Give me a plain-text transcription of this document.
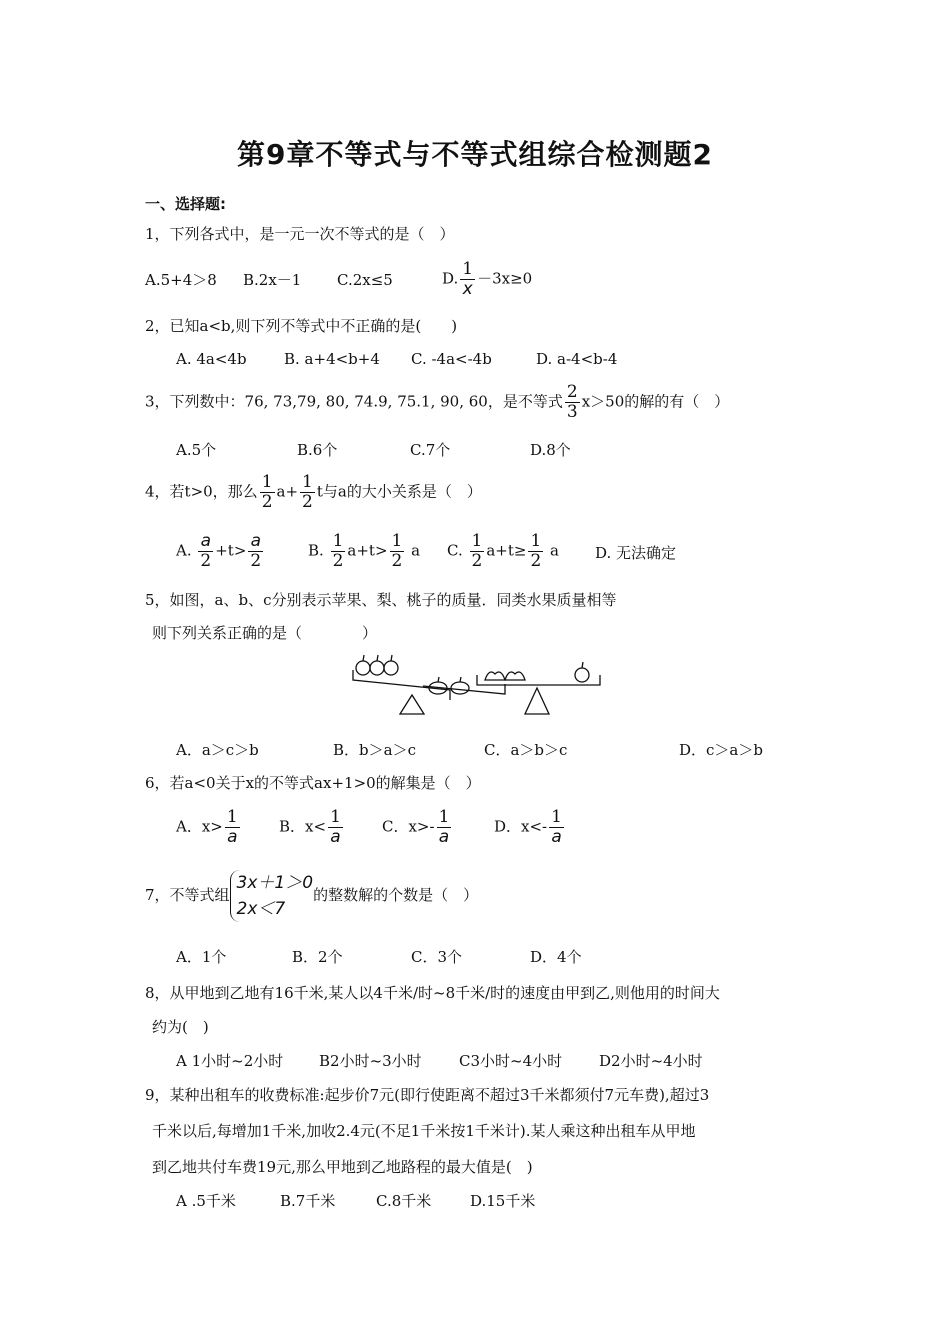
第9章不等式与不等式组综合检测题2
一、选择题:
1，下列各式中，是一元一次不等式的是（　）
A.5+4＞8 B.2x－1 C.2x≤5	D. $\frac{1}{x} -3x\ge 0$
2，已知a<b,则下列不等式中不正确的是(　　)
A. 4a<4b B. a+4<b+4 C. -4a<-4b	D. a-4<b-4
3，下列数中：76, 73,79, 80, 74.9, 75.1, 90, 60，是不等式 $\frac{2}{3} x>50$的解的有（　）
A.5个	B.6个	C.7个	D.8个
4，若t>0，那么 $\frac{1}{2} a+ \frac{1}{2}$ t与a的大小关系是（　）
A. $\frac{a}{2} +t> \frac{a}{2}$	B. $\frac{1}{2} a+t> \frac{1}{2}$ a C. $\frac{1}{2} a+t\ge \frac{1}{2}$ a D. 无法确定
5，如图，a、b、c分别表示苹果、梨、桃子的质量．同类水果质量相等
则下列关系正确的是（　　　　）
A．a＞c＞b	B．b＞a＞c	C．a＞b＞c	D．c＞a＞b
6，若a<0关于x的不等式ax+1>0的解集是（　）
A．$x> \frac{1}{a}$	B．$x< \frac{1}{a}$	C．$x>- \frac{1}{a}$	D．$x<- \frac{1}{a}$
7，不等式组
3x＋1＞0
2x＜7
的整数解的个数是（　）
A．1个	B．2个	C．3个	D．4个
8，从甲地到乙地有16千米,某人以4千米/时~8千米/时的速度由甲到乙,则他用的时间大
约为(　)
A 1小时~2小时 B2小时~3小时 C3小时~4小时 D2小时~4小时
9，某种出租车的收费标准:起步价7元(即行使距离不超过3千米都须付7元车费),超过3
千米以后,每增加1千米,加收2.4元(不足1千米按1千米计).某人乘这种出租车从甲地
到乙地共付车费19元,那么甲地到乙地路程的最大值是(　)
A .5千米	B.7千米	C.8千米	D.15千米
